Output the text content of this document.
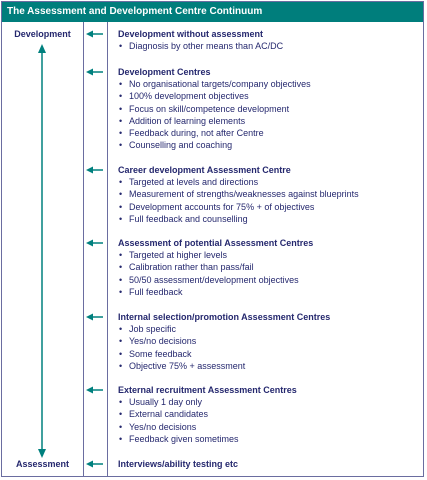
The Assessment and Development Centre Continuum
Development
Assessment
Development without assessment
• Diagnosis by other means than AC/DC
Development Centres
• No organisational targets/company objectives
• 100% development objectives
• Focus on skill/competence development
• Addition of learning elements
• Feedback during, not after Centre
• Counselling and coaching
Career development Assessment Centre
• Targeted at levels and directions
• Measurement of strengths/weaknesses against blueprints
• Development accounts for 75% + of objectives
• Full feedback and counselling
Assessment of potential Assessment Centres
• Targeted at higher levels
• Calibration rather than pass/fail
• 50/50 assessment/development objectives
• Full feedback
Internal selection/promotion Assessment Centres
• Job specific
• Yes/no decisions
• Some feedback
• Objective 75% + assessment
External recruitment Assessment Centres
• Usually 1 day only
• External candidates
• Yes/no decisions
• Feedback given sometimes
Interviews/ability testing etc
